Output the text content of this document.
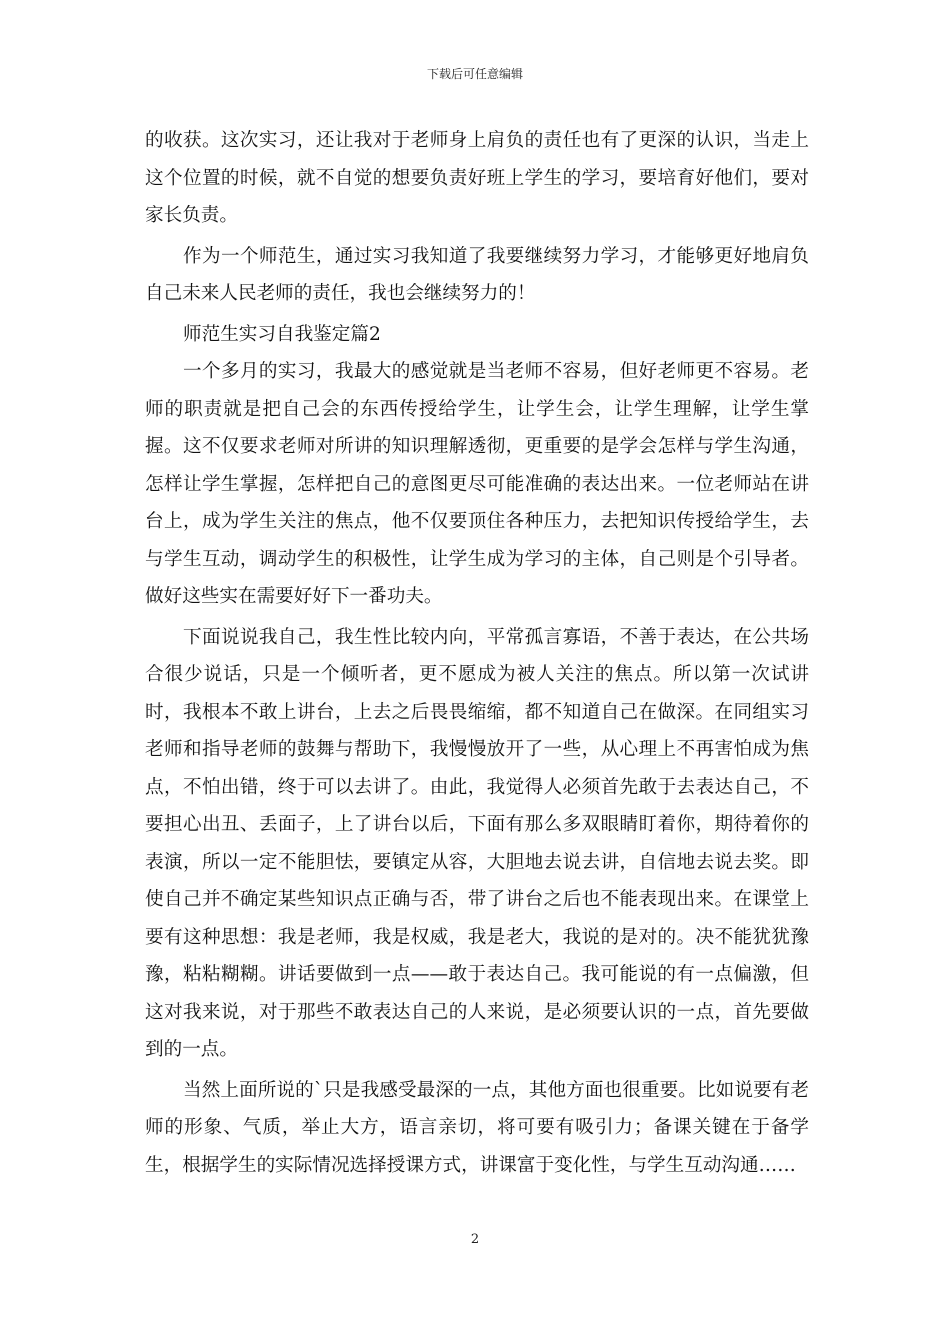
下载后可任意编辑

的收获。这次实习，还让我对于老师身上肩负的责任也有了更深的认识，当走上这个位置的时候，就不自觉的想要负责好班上学生的学习，要培育好他们，要对家长负责。

作为一个师范生，通过实习我知道了我要继续努力学习，才能够更好地肩负自己未来人民老师的责任，我也会继续努力的！

师范生实习自我鉴定篇2

一个多月的实习，我最大的感觉就是当老师不容易，但好老师更不容易。老师的职责就是把自己会的东西传授给学生，让学生会，让学生理解，让学生掌握。这不仅要求老师对所讲的知识理解透彻，更重要的是学会怎样与学生沟通，怎样让学生掌握，怎样把自己的意图更尽可能准确的表达出来。一位老师站在讲台上，成为学生关注的焦点，他不仅要顶住各种压力，去把知识传授给学生，去与学生互动，调动学生的积极性，让学生成为学习的主体，自己则是个引导者。做好这些实在需要好好下一番功夫。

下面说说我自己，我生性比较内向，平常孤言寡语，不善于表达，在公共场合很少说话，只是一个倾听者，更不愿成为被人关注的焦点。所以第一次试讲时，我根本不敢上讲台，上去之后畏畏缩缩，都不知道自己在做深。在同组实习老师和指导老师的鼓舞与帮助下，我慢慢放开了一些，从心理上不再害怕成为焦点，不怕出错，终于可以去讲了。由此，我觉得人必须首先敢于去表达自己，不要担心出丑、丢面子，上了讲台以后，下面有那么多双眼睛盯着你，期待着你的表演，所以一定不能胆怯，要镇定从容，大胆地去说去讲，自信地去说去奖。即使自己并不确定某些知识点正确与否，带了讲台之后也不能表现出来。在课堂上要有这种思想：我是老师，我是权威，我是老大，我说的是对的。决不能犹犹豫豫，粘粘糊糊。讲话要做到一点——敢于表达自己。我可能说的有一点偏激，但这对我来说，对于那些不敢表达自己的人来说，是必须要认识的一点，首先要做到的一点。

当然上面所说的`只是我感受最深的一点，其他方面也很重要。比如说要有老师的形象、气质，举止大方，语言亲切，将可要有吸引力；备课关键在于备学生，根据学生的实际情况选择授课方式，讲课富于变化性，与学生互动沟通……

2
